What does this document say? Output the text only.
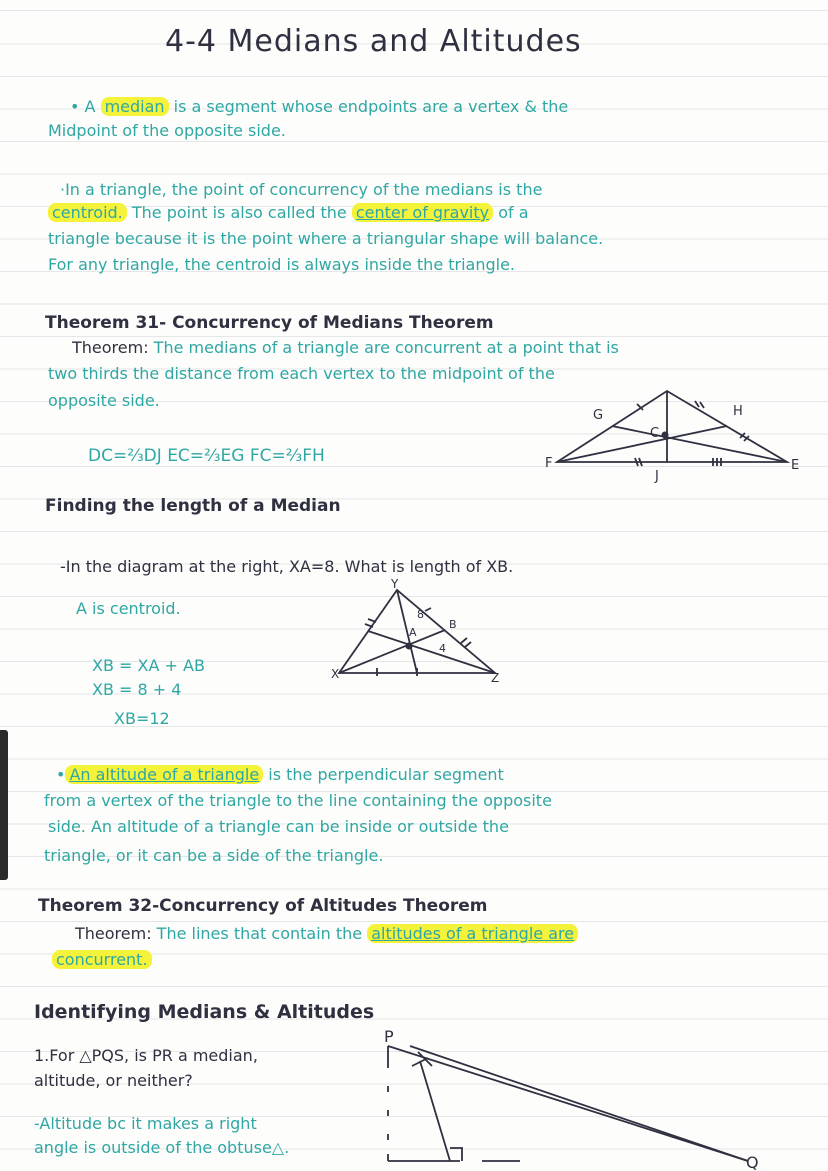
4-4 Medians and Altitudes
• A median is a segment whose endpoints are a vertex & the
Midpoint of the opposite side.
·In a triangle, the point of concurrency of the medians is the
centroid. The point is also called the center of gravity of a
triangle because it is the point where a triangular shape will balance.
For any triangle, the centroid is always inside the triangle.
Theorem 31- Concurrency of Medians Theorem
Theorem: The medians of a triangle are concurrent at a point that is
two thirds the distance from each vertex to the midpoint of the
opposite side.
DC=⅔DJ EC=⅔EG FC=⅔FH
G	H
C
F	E
J
Finding the length of a Median
-In the diagram at the right, XA=8. What is length of XB.
A is centroid.
XB = XA + AB
XB = 8 + 4
XB=12
Y
X	Z
A
B
8
4
• An altitude of a triangle is the perpendicular segment
from a vertex of the triangle to the line containing the opposite
side. An altitude of a triangle can be inside or outside the
triangle, or it can be a side of the triangle.
Theorem 32-Concurrency of Altitudes Theorem
Theorem: The lines that contain the altitudes of a triangle are
concurrent.
Identifying Medians & Altitudes
1.For △PQS, is PR a median,
altitude, or neither?
-Altitude bc it makes a right
angle is outside of the obtuse△.
P
Q
